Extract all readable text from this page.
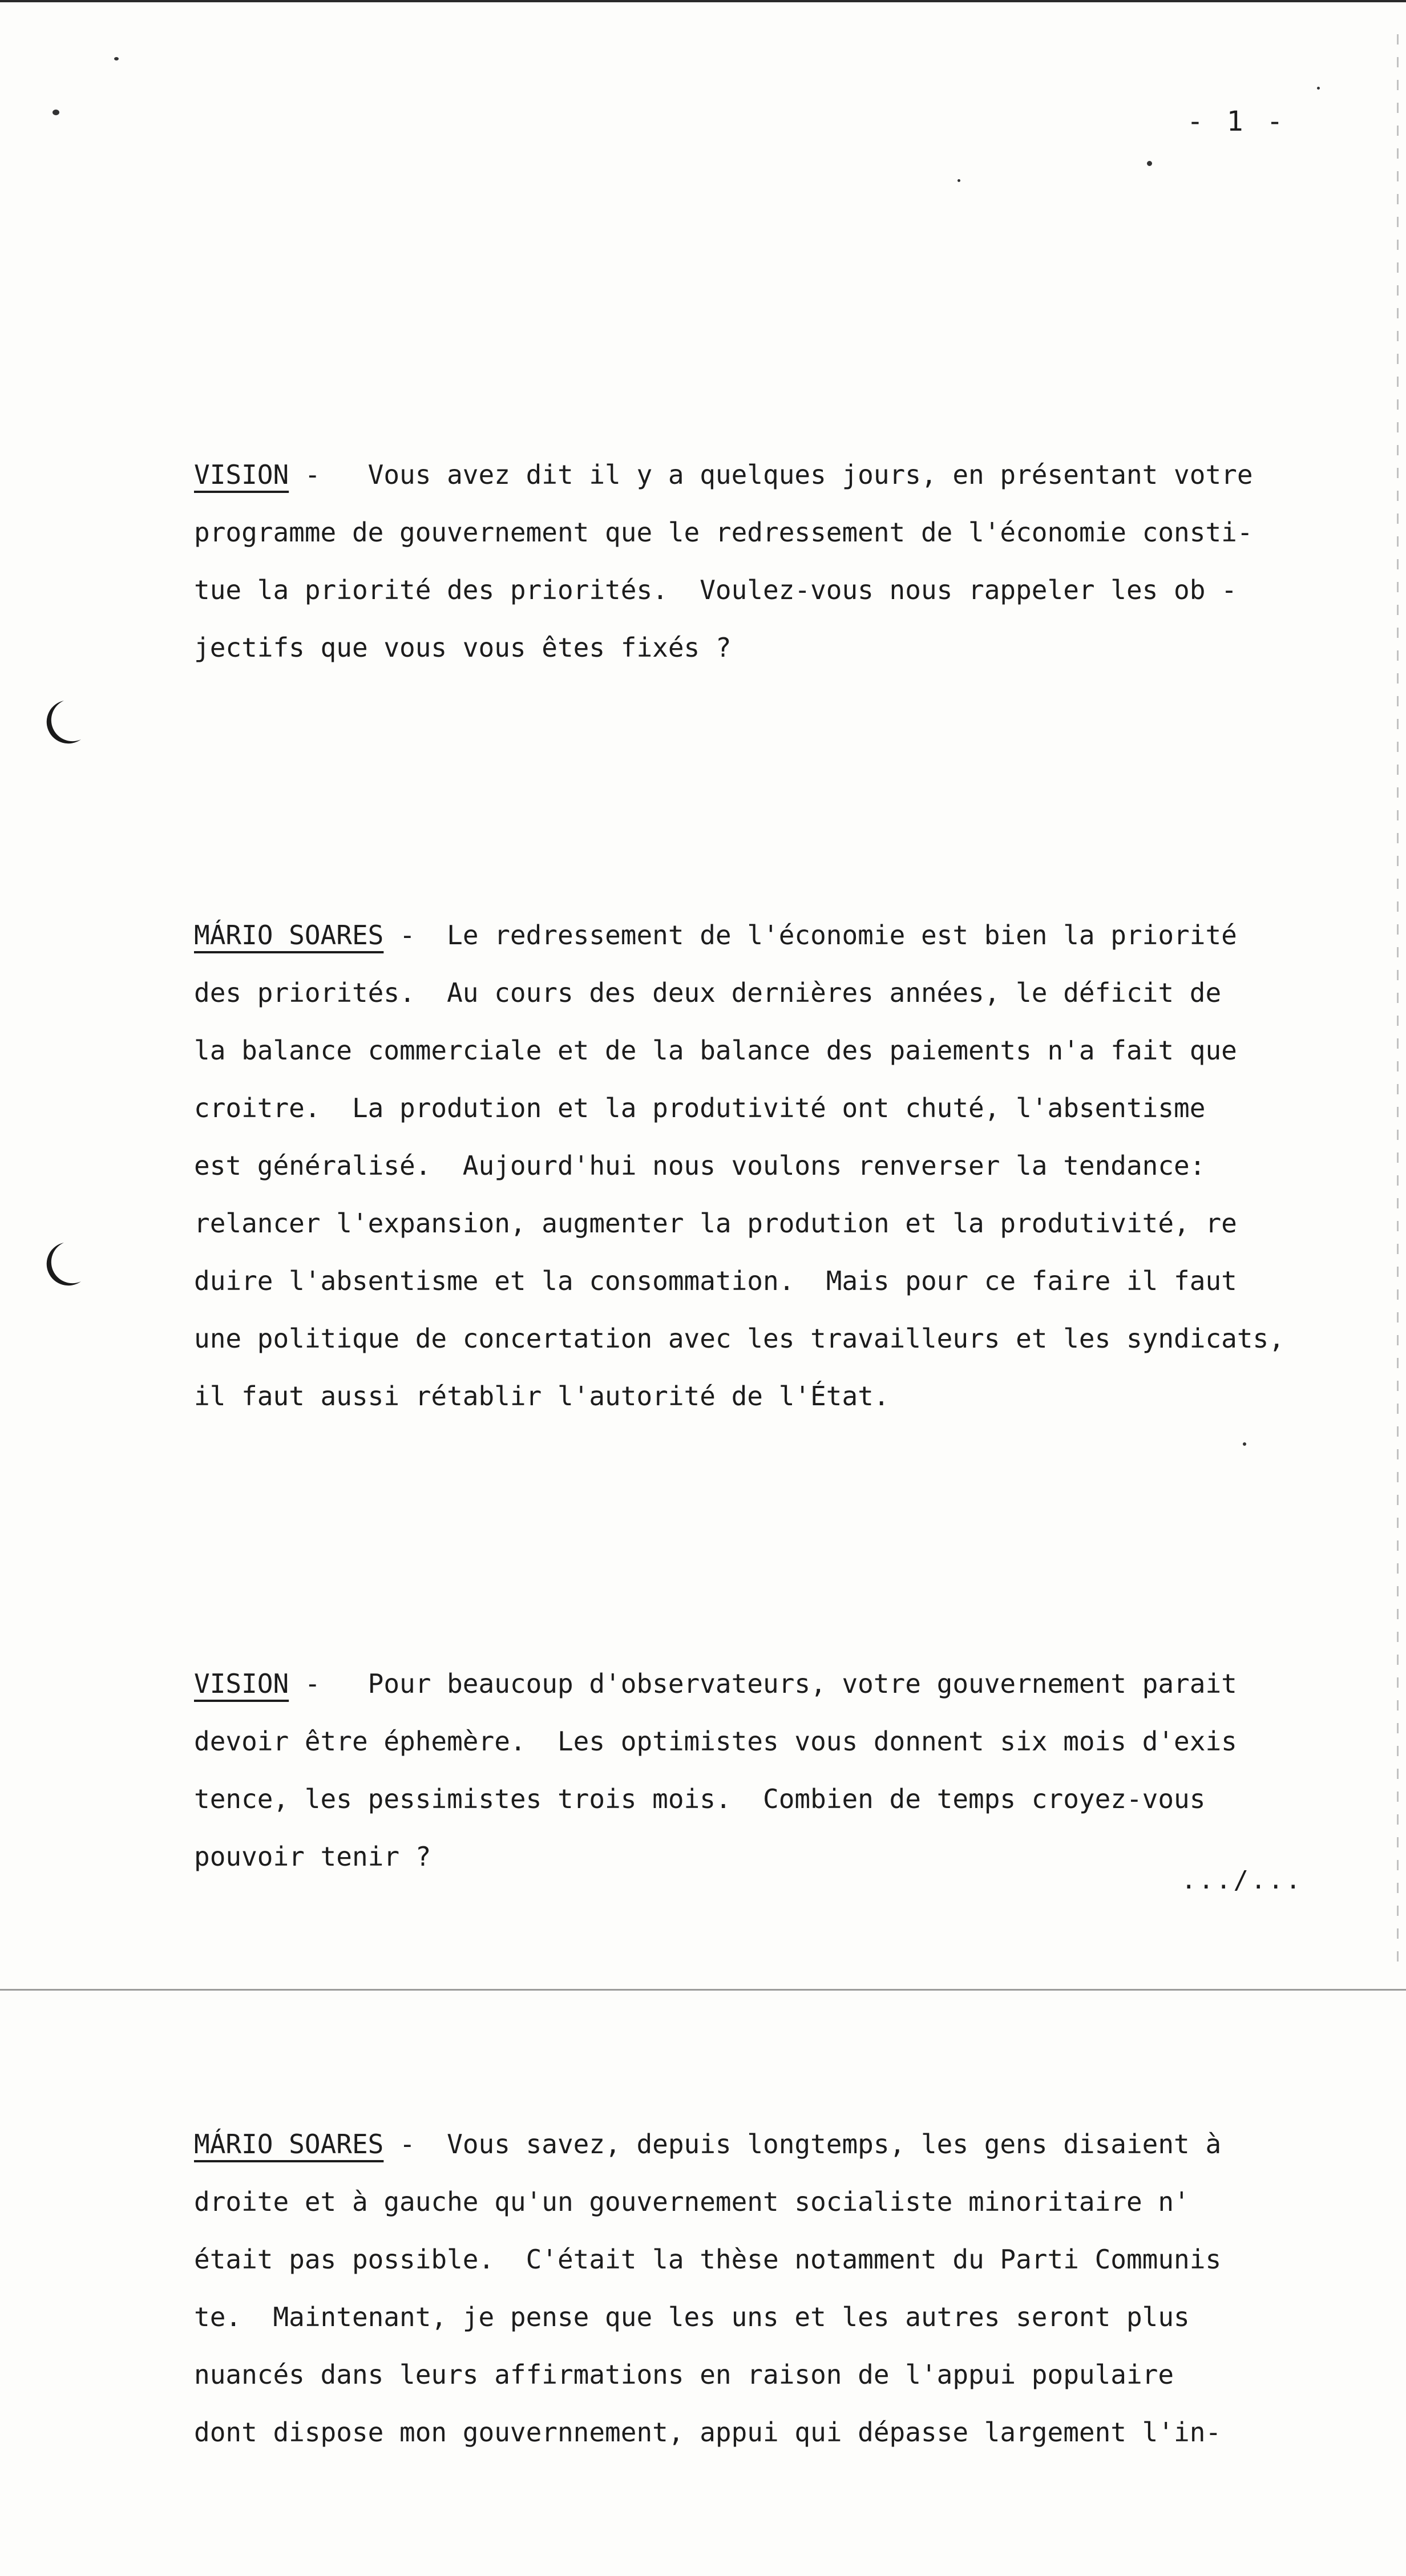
- 1 -

VISION -   Vous avez dit il y a quelques jours, en présentant votre
programme de gouvernement que le redressement de l'économie consti-
tue la priorité des priorités.  Voulez-vous nous rappeler les ob -
jectifs que vous vous êtes fixés ?

MÁRIO SOARES -  Le redressement de l'économie est bien la priorité
des priorités.  Au cours des deux dernières années, le déficit de
la balance commerciale et de la balance des paiements n'a fait que
croitre.  La prodution et la produtivité ont chuté, l'absentisme
est généralisé.  Aujourd'hui nous voulons renverser la tendance:
relancer l'expansion, augmenter la prodution et la produtivité, re
duire l'absentisme et la consommation.  Mais pour ce faire il faut
une politique de concertation avec les travailleurs et les syndicats,
il faut aussi rétablir l'autorité de l'État.

VISION -   Pour beaucoup d'observateurs, votre gouvernement parait
devoir être éphemère.  Les optimistes vous donnent six mois d'exis
tence, les pessimistes trois mois.  Combien de temps croyez-vous
pouvoir tenir ?

MÁRIO SOARES -  Vous savez, depuis longtemps, les gens disaient à
droite et à gauche qu'un gouvernement socialiste minoritaire n'
était pas possible.  C'était la thèse notamment du Parti Communis
te.  Maintenant, je pense que les uns et les autres seront plus
nuancés dans leurs affirmations en raison de l'appui populaire
dont dispose mon gouvernnement, appui qui dépasse largement l'in-

.../...
